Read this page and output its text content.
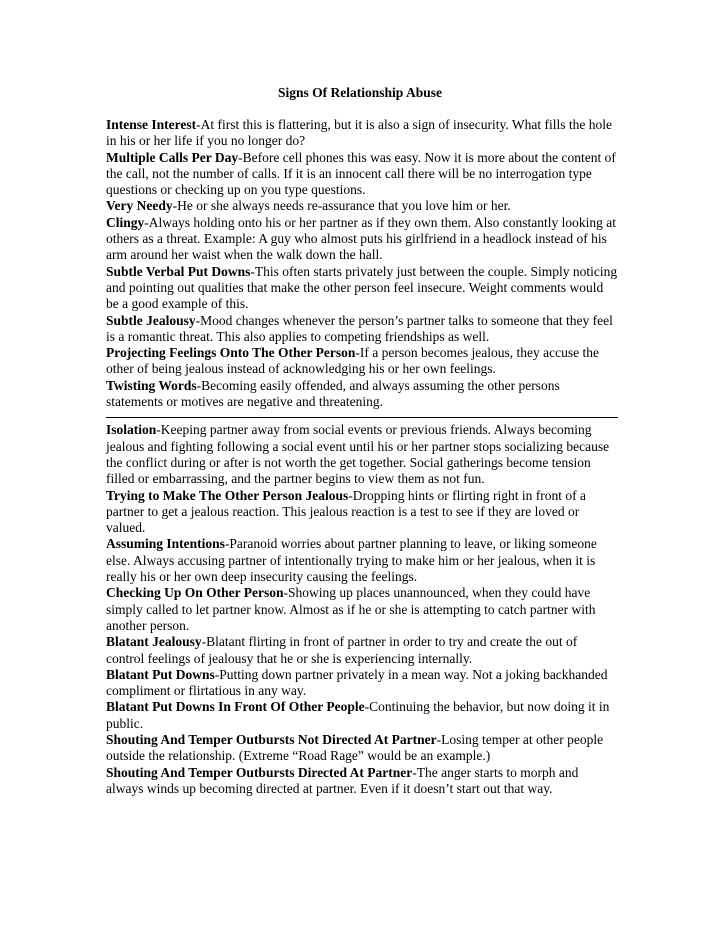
Signs Of Relationship Abuse

Intense Interest-At first this is flattering, but it is also a sign of insecurity. What fills the hole in his or her life if you no longer do?

Multiple Calls Per Day-Before cell phones this was easy. Now it is more about the content of the call, not the number of calls. If it is an innocent call there will be no interrogation type questions or checking up on you type questions.

Very Needy-He or she always needs re-assurance that you love him or her.

Clingy-Always holding onto his or her partner as if they own them. Also constantly looking at others as a threat. Example: A guy who almost puts his girlfriend in a headlock instead of his arm around her waist when the walk down the hall.

Subtle Verbal Put Downs-This often starts privately just between the couple. Simply noticing and pointing out qualities that make the other person feel insecure. Weight comments would be a good example of this.

Subtle Jealousy-Mood changes whenever the person’s partner talks to someone that they feel is a romantic threat. This also applies to competing friendships as well.

Projecting Feelings Onto The Other Person-If a person becomes jealous, they accuse the other of being jealous instead of acknowledging his or her own feelings.

Twisting Words-Becoming easily offended, and always assuming the other persons statements or motives are negative and threatening.

Isolation-Keeping partner away from social events or previous friends. Always becoming jealous and fighting following a social event until his or her partner stops socializing because the conflict during or after is not worth the get together. Social gatherings become tension filled or embarrassing, and the partner begins to view them as not fun.

Trying to Make The Other Person Jealous-Dropping hints or flirting right in front of a partner to get a jealous reaction. This jealous reaction is a test to see if they are loved or valued.

Assuming Intentions-Paranoid worries about partner planning to leave, or liking someone else. Always accusing partner of intentionally trying to make him or her jealous, when it is really his or her own deep insecurity causing the feelings.

Checking Up On Other Person-Showing up places unannounced, when they could have simply called to let partner know. Almost as if he or she is attempting to catch partner with another person.

Blatant Jealousy-Blatant flirting in front of partner in order to try and create the out of control feelings of jealousy that he or she is experiencing internally.

Blatant Put Downs-Putting down partner privately in a mean way. Not a joking backhanded compliment or flirtatious in any way.

Blatant Put Downs In Front Of Other People-Continuing the behavior, but now doing it in public.

Shouting And Temper Outbursts Not Directed At Partner-Losing temper at other people outside the relationship. (Extreme “Road Rage” would be an example.)

Shouting And Temper Outbursts Directed At Partner-The anger starts to morph and always winds up becoming directed at partner. Even if it doesn’t start out that way.
